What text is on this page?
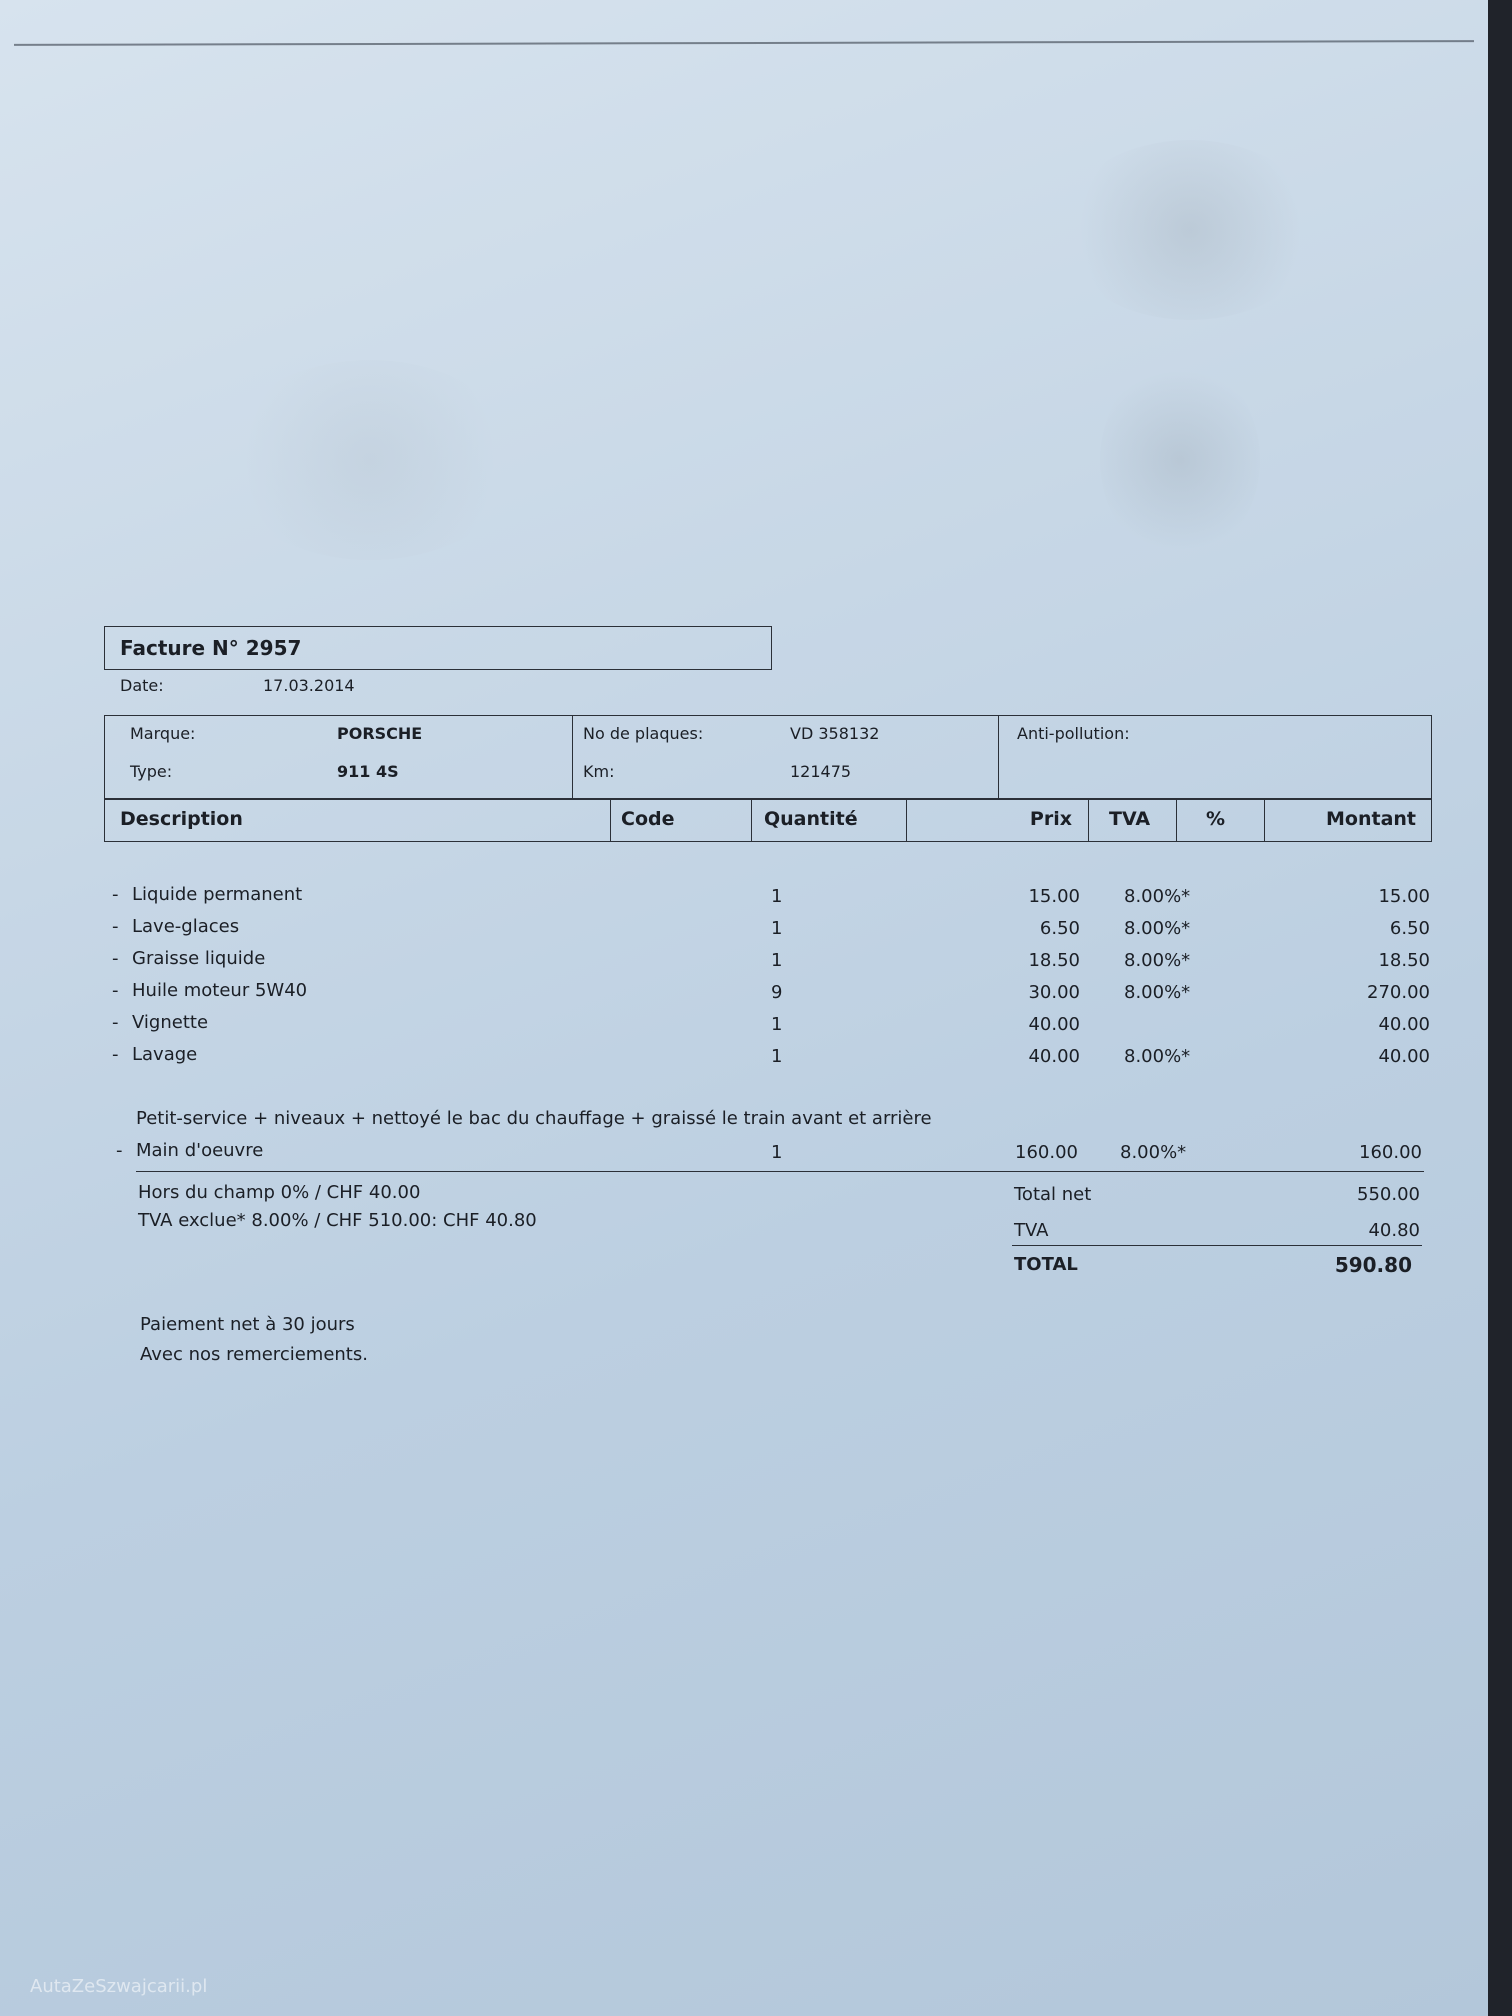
Facture N° 2957
Date:	17.03.2014
Marque:	PORSCHE
Type:	911 4S
No de plaques:	VD 358132
Km:	121475
Anti-pollution:
Description	Code	Quantité	Prix TVA	%	Montant
- Liquide permanent	1	15.00 8.00%*	15.00
- Lave-glaces	1	6.50 8.00%*	6.50
- Graisse liquide	1	18.50 8.00%*	18.50
- Huile moteur 5W40	9	30.00 8.00%*	270.00
- Vignette	1	40.00	40.00
- Lavage	1	40.00 8.00%*	40.00
Petit-service + niveaux + nettoyé le bac du chauffage + graissé le train avant et arrière
- Main d'oeuvre	1	160.00 8.00%*	160.00
Hors du champ 0% / CHF 40.00
TVA exclue* 8.00% / CHF 510.00: CHF 40.80
Total net	550.00
TVA	40.80
TOTAL	590.80
Paiement net à 30 jours
Avec nos remerciements.
AutaZeSzwajcarii.pl
